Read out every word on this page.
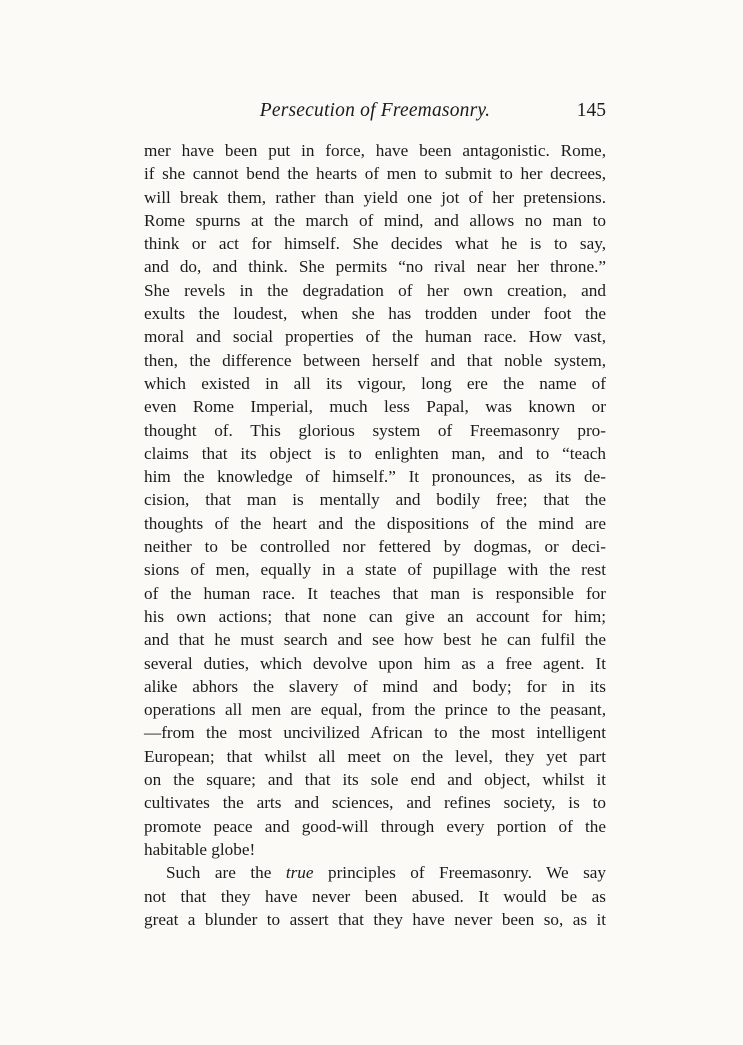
Persecution of Freemasonry.	145
mer have been put in force, have been antagonistic. Rome,
if she cannot bend the hearts of men to submit to her decrees,
will break them, rather than yield one jot of her pretensions.
Rome spurns at the march of mind, and allows no man to
think or act for himself. She decides what he is to say,
and do, and think. She permits “no rival near her throne.”
She revels in the degradation of her own creation, and
exults the loudest, when she has trodden under foot the
moral and social properties of the human race. How vast,
then, the difference between herself and that noble system,
which existed in all its vigour, long ere the name of
even Rome Imperial, much less Papal, was known or
thought of. This glorious system of Freemasonry pro-
claims that its object is to enlighten man, and to “teach
him the knowledge of himself.” It pronounces, as its de-
cision, that man is mentally and bodily free; that the
thoughts of the heart and the dispositions of the mind are
neither to be controlled nor fettered by dogmas, or deci-
sions of men, equally in a state of pupillage with the rest
of the human race. It teaches that man is responsible for
his own actions; that none can give an account for him;
and that he must search and see how best he can fulfil the
several duties, which devolve upon him as a free agent. It
alike abhors the slavery of mind and body; for in its
operations all men are equal, from the prince to the peasant,
—from the most uncivilized African to the most intelligent
European; that whilst all meet on the level, they yet part
on the square; and that its sole end and object, whilst it
cultivates the arts and sciences, and refines society, is to
promote peace and good-will through every portion of the
habitable globe!
Such are the true principles of Freemasonry. We say
not that they have never been abused. It would be as
great a blunder to assert that they have never been so, as it
